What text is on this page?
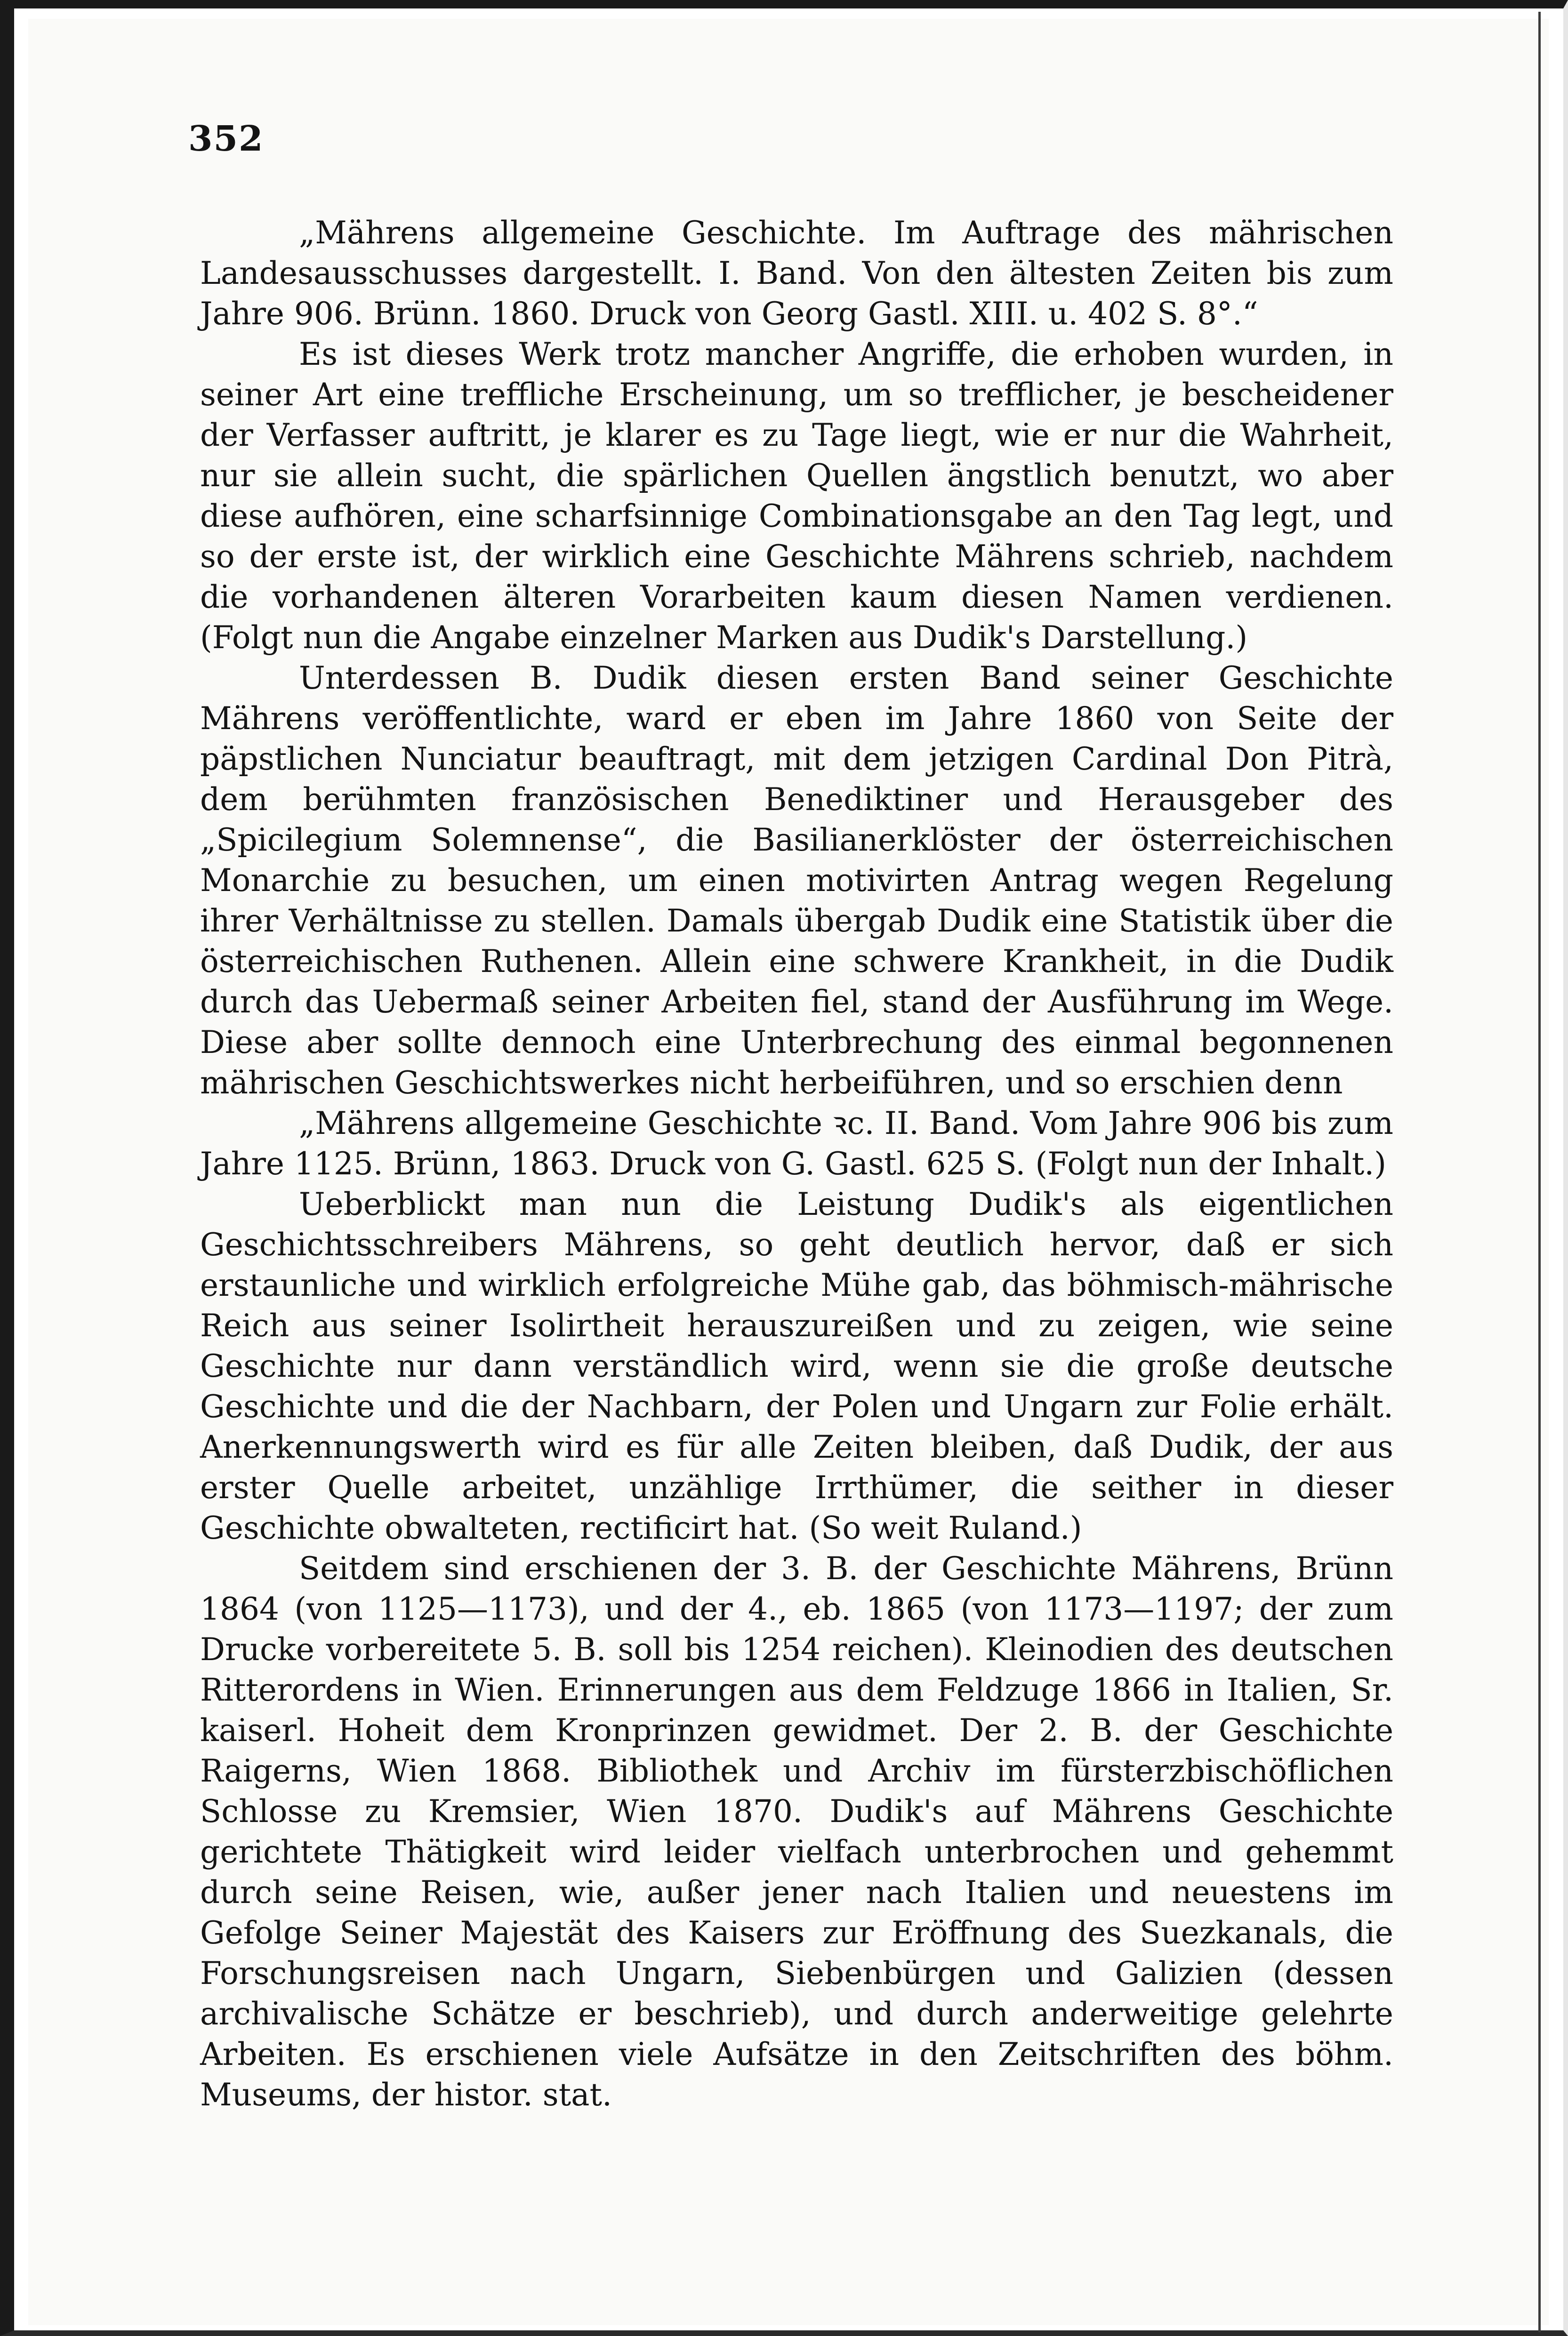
352

„Mährens allgemeine Geschichte. Im Auftrage des mährischen Landesausschusses dargestellt. I. Band. Von den ältesten Zeiten bis zum Jahre 906. Brünn. 1860. Druck von Georg Gastl. XIII. u. 402 S. 8°.“

Es ist dieses Werk trotz mancher Angriffe, die erhoben wurden, in seiner Art eine treffliche Erscheinung, um so trefflicher, je bescheidener der Verfasser auftritt, je klarer es zu Tage liegt, wie er nur die Wahrheit, nur sie allein sucht, die spärlichen Quellen ängstlich benutzt, wo aber diese aufhören, eine scharfsinnige Combinationsgabe an den Tag legt, und so der erste ist, der wirklich eine Geschichte Mährens schrieb, nachdem die vorhandenen älteren Vorarbeiten kaum diesen Namen verdienen. (Folgt nun die Angabe einzelner Marken aus Dudik's Darstellung.)

Unterdessen B. Dudik diesen ersten Band seiner Geschichte Mährens veröffentlichte, ward er eben im Jahre 1860 von Seite der päpstlichen Nunciatur beauftragt, mit dem jetzigen Cardinal Don Pitrà, dem berühmten französischen Benediktiner und Herausgeber des „Spicilegium Solemnense“, die Basilianerklöster der österreichischen Monarchie zu besuchen, um einen motivirten Antrag wegen Regelung ihrer Verhältnisse zu stellen. Damals übergab Dudik eine Statistik über die österreichischen Ruthenen. Allein eine schwere Krankheit, in die Dudik durch das Uebermaß seiner Arbeiten fiel, stand der Ausführung im Wege. Diese aber sollte dennoch eine Unterbrechung des einmal begonnenen mährischen Geschichtswerkes nicht herbeiführen, und so erschien denn

„Mährens allgemeine Geschichte ꝛc. II. Band. Vom Jahre 906 bis zum Jahre 1125. Brünn, 1863. Druck von G. Gastl. 625 S. (Folgt nun der Inhalt.)

Ueberblickt man nun die Leistung Dudik's als eigentlichen Geschichtsschreibers Mährens, so geht deutlich hervor, daß er sich erstaunliche und wirklich erfolgreiche Mühe gab, das böhmisch-mährische Reich aus seiner Isolirtheit herauszureißen und zu zeigen, wie seine Geschichte nur dann verständlich wird, wenn sie die große deutsche Geschichte und die der Nachbarn, der Polen und Ungarn zur Folie erhält. Anerkennungswerth wird es für alle Zeiten bleiben, daß Dudik, der aus erster Quelle arbeitet, unzählige Irrthümer, die seither in dieser Geschichte obwalteten, rectificirt hat. (So weit Ruland.)

Seitdem sind erschienen der 3. B. der Geschichte Mährens, Brünn 1864 (von 1125—1173), und der 4., eb. 1865 (von 1173—1197; der zum Drucke vorbereitete 5. B. soll bis 1254 reichen). Kleinodien des deutschen Ritterordens in Wien. Erinnerungen aus dem Feldzuge 1866 in Italien, Sr. kaiserl. Hoheit dem Kronprinzen gewidmet. Der 2. B. der Geschichte Raigerns, Wien 1868. Bibliothek und Archiv im fürsterzbischöflichen Schlosse zu Kremsier, Wien 1870. Dudik's auf Mährens Geschichte gerichtete Thätigkeit wird leider vielfach unterbrochen und gehemmt durch seine Reisen, wie, außer jener nach Italien und neuestens im Gefolge Seiner Majestät des Kaisers zur Eröffnung des Suezkanals, die Forschungsreisen nach Ungarn, Siebenbürgen und Galizien (dessen archivalische Schätze er beschrieb), und durch anderweitige gelehrte Arbeiten. Es erschienen viele Aufsätze in den Zeitschriften des böhm. Museums, der histor. stat.
